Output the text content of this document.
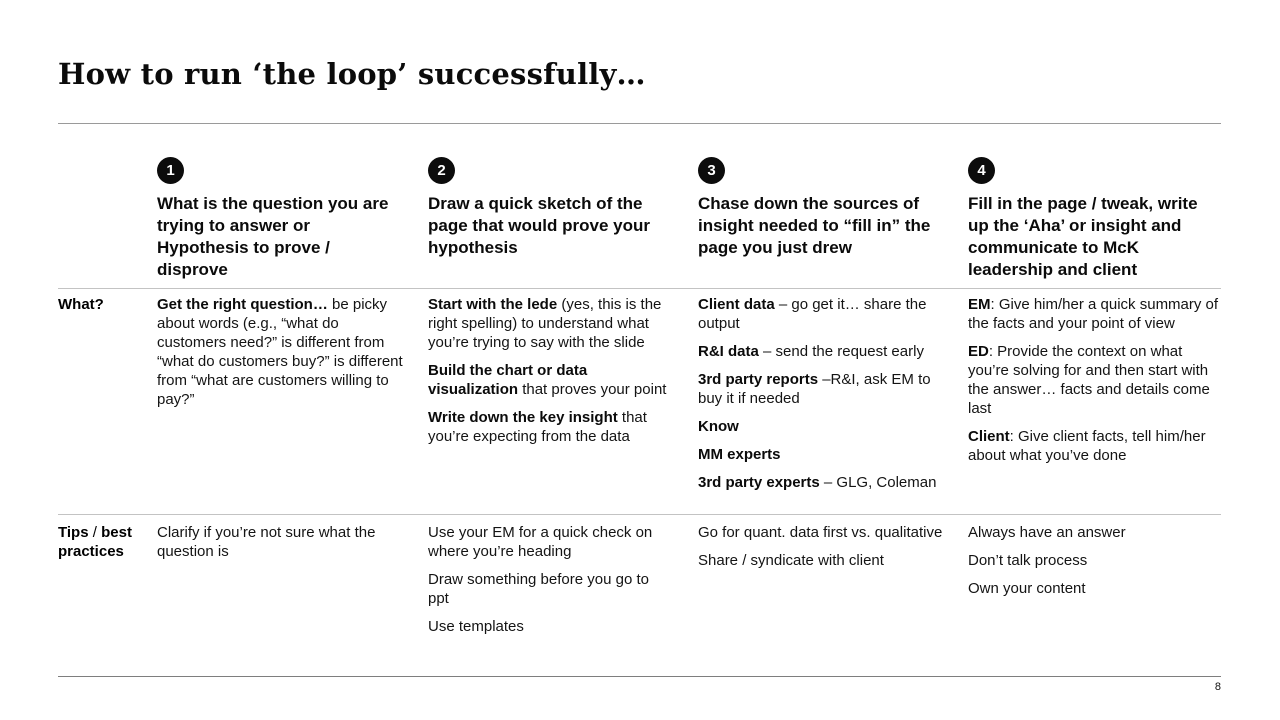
How to run ‘the loop’ successfully…
1
What is the question you are trying to answer or Hypothesis to prove / disprove
2
Draw a quick sketch of the page that would prove your hypothesis
3
Chase down the sources of insight needed to “fill in” the page you just drew
4
Fill in the page / tweak, write up the ‘Aha’ or insight and communicate to McK leadership and client
What?	Get the right question… be picky about words (e.g., “what do customers need?” is different from “what do customers buy?” is different from “what are customers willing to pay?”
Start with the lede (yes, this is the right spelling) to understand what you’re trying to say with the slide
Build the chart or data visualization that proves your point
Write down the key insight that you’re expecting from the data
Client data – go get it… share the output
R&I data – send the request early
3rd party reports –R&I, ask EM to buy it if needed
Know
MM experts
3rd party experts – GLG, Coleman
EM: Give him/her a quick summary of the facts and your point of view
ED: Provide the context on what you’re solving for and then start with the answer… facts and details come last
Client: Give client facts, tell him/her about what you’ve done
Tips / best practices
Clarify if you’re not sure what the question is
Use your EM for a quick check on where you’re heading
Draw something before you go to ppt
Use templates
Go for quant. data first vs. qualitative
Share / syndicate with client
Always have an answer
Don’t talk process
Own your content
8
